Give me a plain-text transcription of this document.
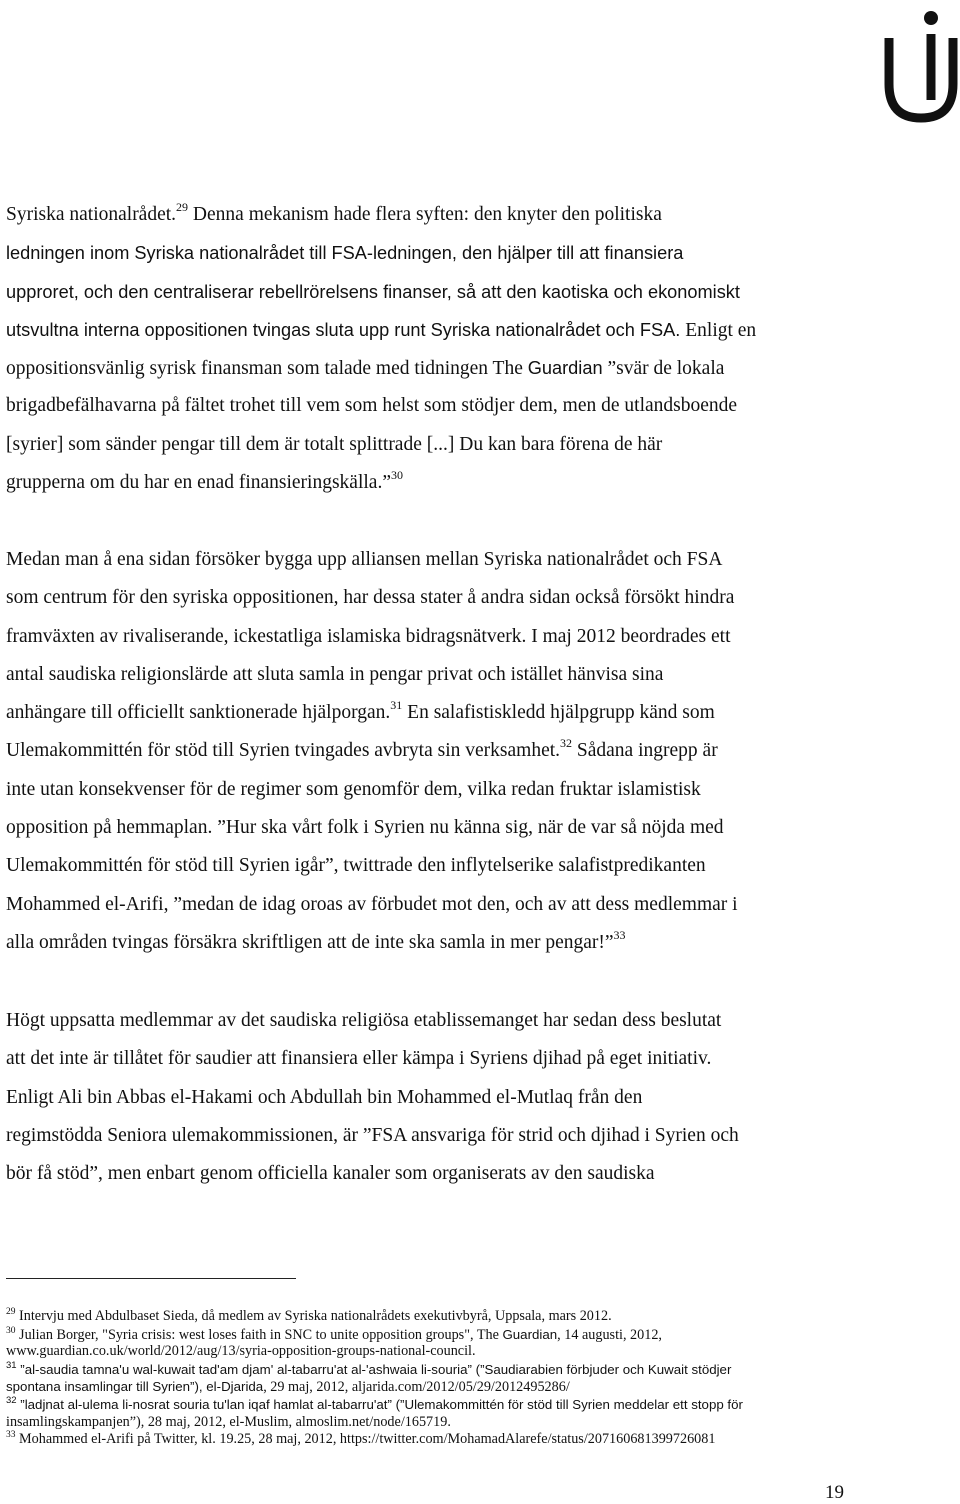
Syriska nationalrådet.$^{29}$ Denna mekanism hade flera syften: den knyter den politiska
ledningen inom Syriska nationalrådet till FSA-ledningen, den hjälper till att finansiera
upproret, och den centraliserar rebellrörelsens finanser, så att den kaotiska och ekonomiskt
utsvultna interna oppositionen tvingas sluta upp runt Syriska nationalrådet och FSA. Enligt en
oppositionsvänlig syrisk finansman som talade med tidningen The Guardian ”svär de lokala
brigadbefälhavarna på fältet trohet till vem som helst som stödjer dem, men de utlandsboende
[syrier] som sänder pengar till dem är totalt splittrade [...] Du kan bara förena de här
grupperna om du har en enad finansieringskälla.”$^{30}$
Medan man å ena sidan försöker bygga upp alliansen mellan Syriska nationalrådet och FSA
som centrum för den syriska oppositionen, har dessa stater å andra sidan också försökt hindra
framväxten av rivaliserande, ickestatliga islamiska bidragsnätverk. I maj 2012 beordrades ett
antal saudiska religionslärde att sluta samla in pengar privat och istället hänvisa sina
anhängare till officiellt sanktionerade hjälporgan.$^{31}$ En salafistiskledd hjälpgrupp känd som
Ulemakommittén för stöd till Syrien tvingades avbryta sin verksamhet.$^{32}$ Sådana ingrepp är
inte utan konsekvenser för de regimer som genomför dem, vilka redan fruktar islamistisk
opposition på hemmaplan. ”Hur ska vårt folk i Syrien nu känna sig, när de var så nöjda med
Ulemakommittén för stöd till Syrien igår”, twittrade den inflytelserike salafistpredikanten
Mohammed el-Arifi, ”medan de idag oroas av förbudet mot den, och av att dess medlemmar i
alla områden tvingas försäkra skriftligen att de inte ska samla in mer pengar!”$^{33}$
Högt uppsatta medlemmar av det saudiska religiösa etablissemanget har sedan dess beslutat
att det inte är tillåtet för saudier att finansiera eller kämpa i Syriens djihad på eget initiativ.
Enligt Ali bin Abbas el-Hakami och Abdullah bin Mohammed el-Mutlaq från den
regimstödda Seniora ulemakommissionen, är ”FSA ansvariga för strid och djihad i Syrien och
bör få stöd”, men enbart genom officiella kanaler som organiserats av den saudiska
$^{29}$ Intervju med Abdulbaset Sieda, då medlem av Syriska nationalrådets exekutivbyrå, Uppsala, mars 2012.
$^{30}$ Julian Borger, "Syria crisis: west loses faith in SNC to unite opposition groups", The Guardian, 14 augusti, 2012,
www.guardian.co.uk/world/2012/aug/13/syria-opposition-groups-national-council.
$^{31}$ ”al-saudia tamna'u wal-kuwait tad'am djam' al-tabarru'at al-'ashwaia li-souria” (”Saudiarabien förbjuder och Kuwait stödjer
spontana insamlingar till Syrien”), el-Djarida, 29 maj, 2012, aljarida.com/2012/05/29/2012495286/
$^{32}$ ”ladjnat al-ulema li-nosrat souria tu'lan iqaf hamlat al-tabarru'at” (”Ulemakommittén för stöd till Syrien meddelar ett stopp för
insamlingskampanjen”), 28 maj, 2012, el-Muslim, almoslim.net/node/165719.
$^{33}$ Mohammed el-Arifi på Twitter, kl. 19.25, 28 maj, 2012, https://twitter.com/MohamadAlarefe/status/207160681399726081
19
